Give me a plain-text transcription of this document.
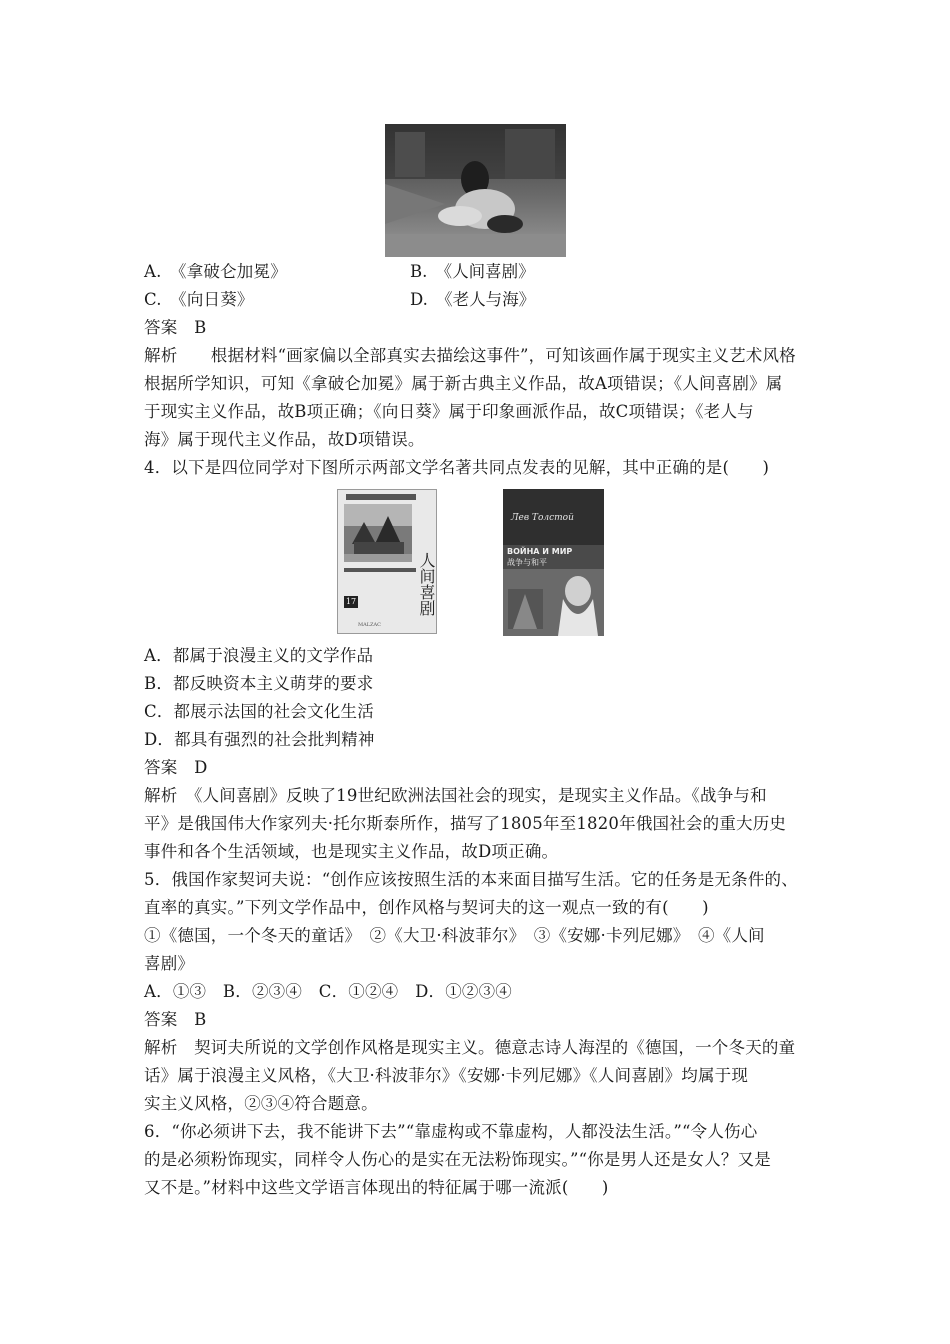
A.　《拿破仑加冕》	B.　《人间喜剧》
C.　《向日葵》	D.　《老人与海》
答案　B
解析　　根据材料“画家偏以全部真实去描绘这事件”，可知该画作属于现实主义艺术风格
根据所学知识，可知《拿破仑加冕》属于新古典主义作品，故A项错误；《人间喜剧》属
于现实主义作品，故B项正确；《向日葵》属于印象画派作品，故C项错误；《老人与
海》属于现代主义作品，故D项错误。
4．以下是四位同学对下图所示两部文学名著共同点发表的见解，其中正确的是(　　)
17	人间喜剧
MALZAC
Лев Толстой
ВОЙНА И МИР
战争与和平
A．都属于浪漫主义的文学作品
B．都反映资本主义萌芽的要求
C．都展示法国的社会文化生活
D．都具有强烈的社会批判精神
答案　D
解析　《人间喜剧》反映了19世纪欧洲法国社会的现实，是现实主义作品。《战争与和
平》是俄国伟大作家列夫·托尔斯泰所作，描写了1805年至1820年俄国社会的重大历史
事件和各个生活领域，也是现实主义作品，故D项正确。
5．俄国作家契诃夫说：“创作应该按照生活的本来面目描写生活。它的任务是无条件的、
直率的真实。”下列文学作品中，创作风格与契诃夫的这一观点一致的有(　　)
①《德国，一个冬天的童话》　②《大卫·科波菲尔》　③《安娜·卡列尼娜》　④《人间
喜剧》
A．①③　B．②③④　C．①②④　D．①②③④
答案　B
解析　契诃夫所说的文学创作风格是现实主义。德意志诗人海涅的《德国，一个冬天的童
话》属于浪漫主义风格，《大卫·科波菲尔》《安娜·卡列尼娜》《人间喜剧》均属于现
实主义风格，②③④符合题意。
6．“你必须讲下去，我不能讲下去”“靠虚构或不靠虚构，人都没法生活。”“令人伤心
的是必须粉饰现实，同样令人伤心的是实在无法粉饰现实。”“你是男人还是女人？又是
又不是。”材料中这些文学语言体现出的特征属于哪一流派(　　)
